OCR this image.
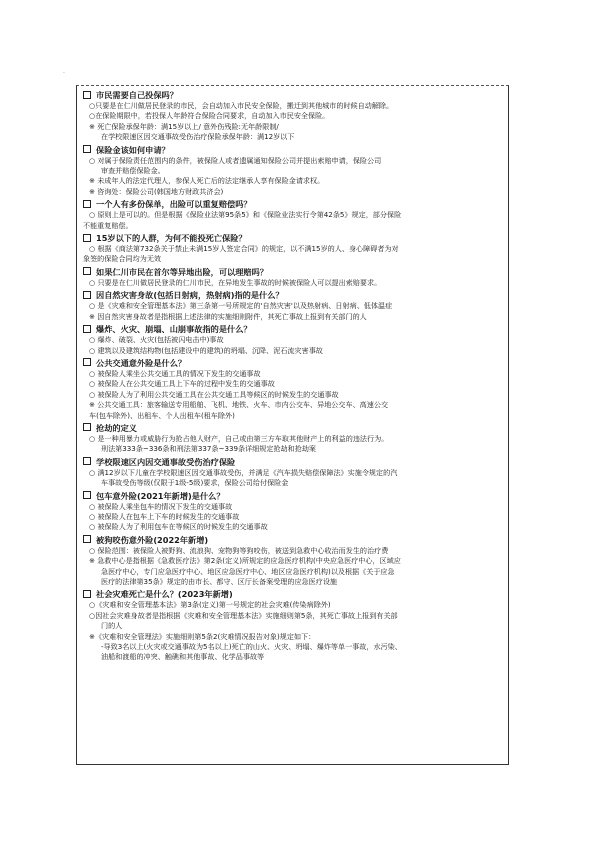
·
市民需要自己投保吗？
○只要是在仁川做居民登录的市民，会自动加入市民安全保险，搬迁到其他城市的时候自动解除。
○在保险期限中，若投保人年龄符合保险合同要求，自动加入市民安全保险。
※ 死亡保险承保年龄：满15岁以上/ 意外伤残险:无年龄限制/
在学校限速区因交通事故受伤治疗保险承保年龄：满12岁以下
保险金该如何申请？
○ 对属于保险责任范围内的条件，被保险人或者遗属通知保险公司并提出索赔申请，保险公司
审查并赔偿保险金。
※ 未成年人的法定代理人，参保人死亡后的法定继承人享有保险金请求权。
※ 咨询处：保险公司(韩国地方财政共济会)
一个人有多份保单，出险可以重复赔偿吗？
○ 原则上是可以的。但是根据《保险业法第95条5》和《保险业法实行令第42条5》规定，部分保险
不能重复赔偿。
15岁以下的人群，为何不能投死亡保险？
○ 根据《商法第732条关于禁止未满15岁人签定合同》的规定，以不满15岁的人、身心障碍者为对
象签的保险合同均为无效
如果仁川市民在首尔等异地出险，可以理赔吗？
○ 只要是在仁川做居民登录的仁川市民，在异地发生事故的时候被保险人可以提出索赔要求。
因自然灾害身故(包括日射病，热射病)指的是什么？
○ 是《灾难和安全管理基本法》第三条第一号所规定的'自然灾害'以及热射病、日射病、低体温症
※ 因自然灾害身故者是指根据上述法律的实施细则附件，其死亡事故上报到有关部门的人
爆炸、火灾、崩塌、山崩事故指的是什么？
○ 爆炸、破裂、火灾(包括被闪电击中)事故
○ 建筑以及建筑结构物(包括建设中的建筑)的坍塌、沉降、泥石流灾害事故
公共交通意外险是什么？
○ 被保险人乘坐公共交通工具的情况下发生的交通事故
○ 被保险人在公共交通工具上下车的过程中发生的交通事故
○ 被保险人为了利用公共交通工具在公共交通工具等候区的时候发生的交通事故
※ 公共交通工具：旅客输送专用船舶、飞机、地铁、火车、市内公交车、异地公交车、高速公交
车(包车除外)、出租车、个人出租车(租车除外)
抢劫的定义
○ 是一种用暴力或威胁行为抢占他人财产，自己或由第三方车取其他财产上的利益的违法行为。
刑法第333条~336条和刑法第337条~339条详细规定抢劫和抢劫案
学校限速区内因交通事故受伤治疗保险
○ 满12岁以下儿童在学校限速区因交通事故受伤，并满足《汽车损失赔偿保障法》实施令规定的汽
车事故受伤等级(仅限于1级-5级)要求，保险公司给付保险金
包车意外险(2021年新增)是什么？
○ 被保险人乘坐包车的情况下发生的交通事故
○ 被保险人在包车上下车的时候发生的交通事故
○ 被保险人为了利用包车在等候区的时候发生的交通事故
被狗咬伤意外险(2022年新增)
○ 保险范围：被保险人被野狗、流浪狗、宠物狗等狗咬伤，被送到急救中心收治而发生的治疗费
※ 急救中心是指根据《急救医疗法》第2条(定义)所规定的应急医疗机构(中央应急医疗中心，区域应
急医疗中心，专门应急医疗中心、地区应急医疗中心、地区应急医疗机构)以及根据《关于应急
医疗的法律第35条》规定的由市长、都守、区厅长备案受理的应急医疗设施
社会灾难死亡是什么？(2023年新增)
○《灾难和安全管理基本法》第3条(定义)第一号规定的社会灾难(传染病除外)
○因社会灾难身故者是指根据《灾难和安全管理基本法》实施细则第5条，其死亡事故上报到有关部
门的人
※《灾难和安全管理法》实施细则第5条2(灾难情况报告对象)规定如下：
-导致3名以上(火灾或交通事故为5名以上)死亡的山火、火灾、坍塌、爆炸等单一事故，水污染、
油船和渡船的冲突、触礁和其他事故、化学品事故等
